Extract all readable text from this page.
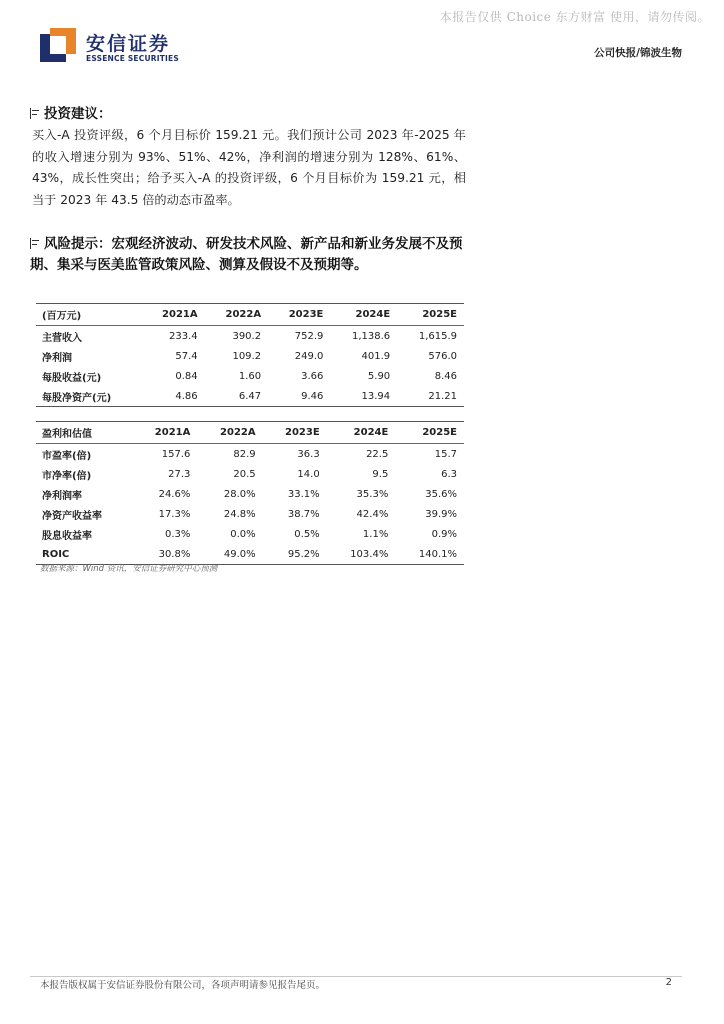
本报告仅供 Choice 东方财富 使用，请勿传阅。
安信证券
ESSENCE SECURITIES	公司快报/锦波生物
投资建议：
买入-A 投资评级，6 个月目标价 159.21 元。我们预计公司 2023 年-2025 年的收入增速分别为 93%、51%、42%，净利润的增速分别为 128%、61%、43%，成长性突出；给予买入-A 的投资评级，6 个月目标价为 159.21 元，相当于 2023 年 43.5 倍的动态市盈率。
风险提示：宏观经济波动、研发技术风险、新产品和新业务发展不及预期、集采与医美监管政策风险、测算及假设不及预期等。
(百万元)	2021A	2022A	2023E	2024E	2025E
主营收入	233.4	390.2	752.9	1,138.6	1,615.9
净利润	57.4	109.2	249.0	401.9	576.0
每股收益(元)	0.84	1.60	3.66	5.90	8.46
每股净资产(元)	4.86	6.47	9.46	13.94	21.21
盈利和估值	2021A	2022A	2023E	2024E	2025E
市盈率(倍)	157.6	82.9	36.3	22.5	15.7
市净率(倍)	27.3	20.5	14.0	9.5	6.3
净利润率	24.6%	28.0%	33.1%	35.3%	35.6%
净资产收益率	17.3%	24.8%	38.7%	42.4%	39.9%
股息收益率	0.3%	0.0%	0.5%	1.1%	0.9%
ROIC	30.8%	49.0%	95.2%	103.4%	140.1%
数据来源：Wind 资讯，安信证券研究中心预测
本报告版权属于安信证券股份有限公司，各项声明请参见报告尾页。	2
